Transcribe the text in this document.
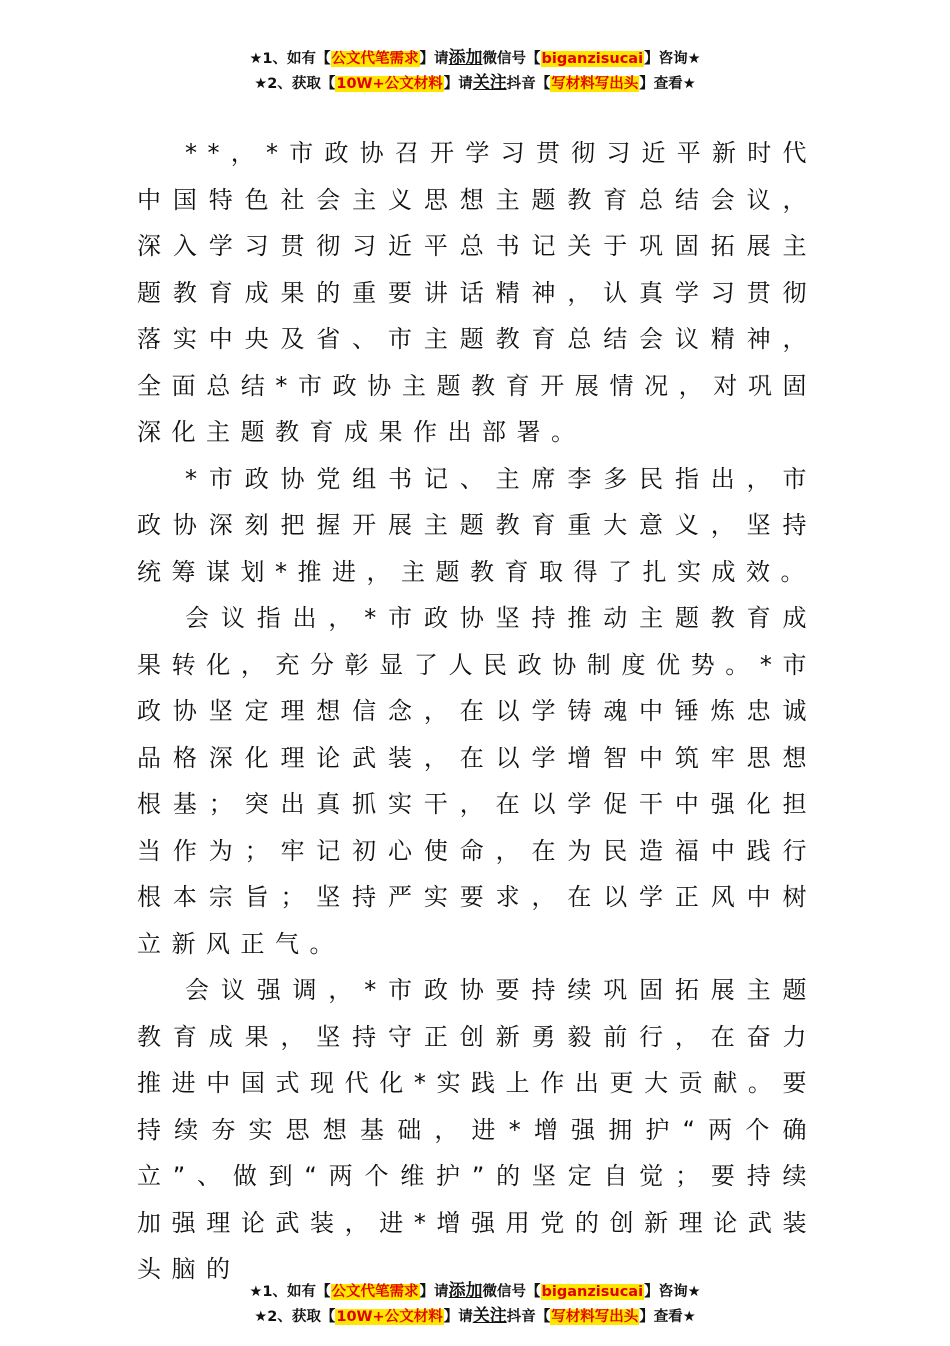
★1、如有【公文代笔需求】请添加微信号【biganzisucai】咨询★
★2、获取【10W+公文材料】请关注抖音【写材料写出头】查看★

**，*市政协召开学习贯彻习近平新时代中国特色社会主义思想主题教育总结会议，深入学习贯彻习近平总书记关于巩固拓展主题教育成果的重要讲话精神，认真学习贯彻落实中央及省、市主题教育总结会议精神，全面总结*市政协主题教育开展情况，对巩固深化主题教育成果作出部署。

*市政协党组书记、主席李多民指出，市政协深刻把握开展主题教育重大意义，坚持统筹谋划*推进，主题教育取得了扎实成效。

会议指出，*市政协坚持推动主题教育成果转化，充分彰显了人民政协制度优势。*市政协坚定理想信念，在以学铸魂中锤炼忠诚品格深化理论武装，在以学增智中筑牢思想根基；突出真抓实干，在以学促干中强化担当作为；牢记初心使命，在为民造福中践行根本宗旨；坚持严实要求，在以学正风中树立新风正气。

会议强调，*市政协要持续巩固拓展主题教育成果，坚持守正创新勇毅前行，在奋力推进中国式现代化*实践上作出更大贡献。要持续夯实思想基础，进*增强拥护“两个确立”、做到“两个维护”的坚定自觉；要持续加强理论武装，进*增强用党的创新理论武装头脑的

★1、如有【公文代笔需求】请添加微信号【biganzisucai】咨询★
★2、获取【10W+公文材料】请关注抖音【写材料写出头】查看★
